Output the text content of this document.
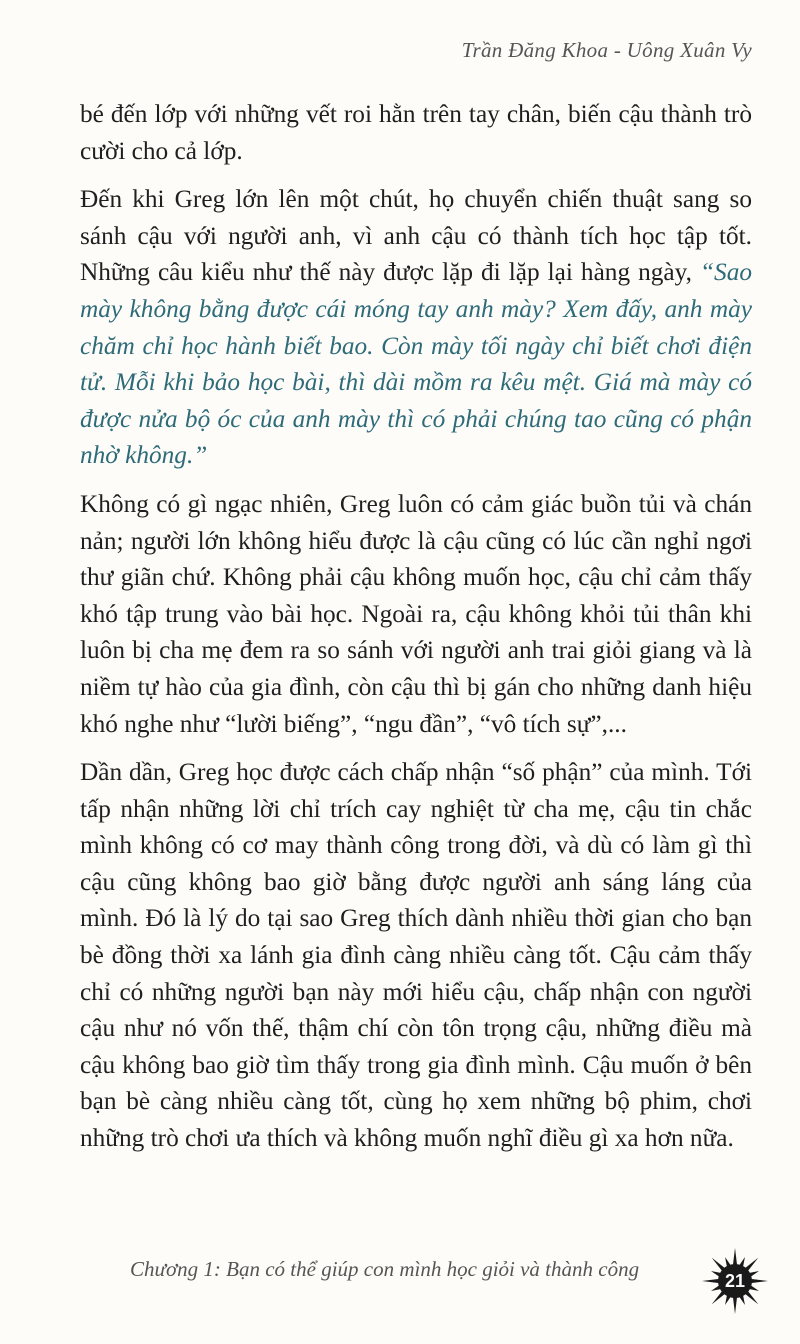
Trần Đăng Khoa - Uông Xuân Vy

bé đến lớp với những vết roi hằn trên tay chân, biến cậu thành trò cười cho cả lớp.

Đến khi Greg lớn lên một chút, họ chuyển chiến thuật sang so sánh cậu với người anh, vì anh cậu có thành tích học tập tốt. Những câu kiểu như thế này được lặp đi lặp lại hàng ngày, “Sao mày không bằng được cái móng tay anh mày? Xem đấy, anh mày chăm chỉ học hành biết bao. Còn mày tối ngày chỉ biết chơi điện tử. Mỗi khi bảo học bài, thì dài mồm ra kêu mệt. Giá mà mày có được nửa bộ óc của anh mày thì có phải chúng tao cũng có phận nhờ không.”

Không có gì ngạc nhiên, Greg luôn có cảm giác buồn tủi và chán nản; người lớn không hiểu được là cậu cũng có lúc cần nghỉ ngơi thư giãn chứ. Không phải cậu không muốn học, cậu chỉ cảm thấy khó tập trung vào bài học. Ngoài ra, cậu không khỏi tủi thân khi luôn bị cha mẹ đem ra so sánh với người anh trai giỏi giang và là niềm tự hào của gia đình, còn cậu thì bị gán cho những danh hiệu khó nghe như “lười biếng”, “ngu đần”, “vô tích sự”,...

Dần dần, Greg học được cách chấp nhận “số phận” của mình. Tới tấp nhận những lời chỉ trích cay nghiệt từ cha mẹ, cậu tin chắc mình không có cơ may thành công trong đời, và dù có làm gì thì cậu cũng không bao giờ bằng được người anh sáng láng của mình. Đó là lý do tại sao Greg thích dành nhiều thời gian cho bạn bè đồng thời xa lánh gia đình càng nhiều càng tốt. Cậu cảm thấy chỉ có những người bạn này mới hiểu cậu, chấp nhận con người cậu như nó vốn thế, thậm chí còn tôn trọng cậu, những điều mà cậu không bao giờ tìm thấy trong gia đình mình. Cậu muốn ở bên bạn bè càng nhiều càng tốt, cùng họ xem những bộ phim, chơi những trò chơi ưa thích và không muốn nghĩ điều gì xa hơn nữa.

Chương 1: Bạn có thể giúp con mình học giỏi và thành công	21
